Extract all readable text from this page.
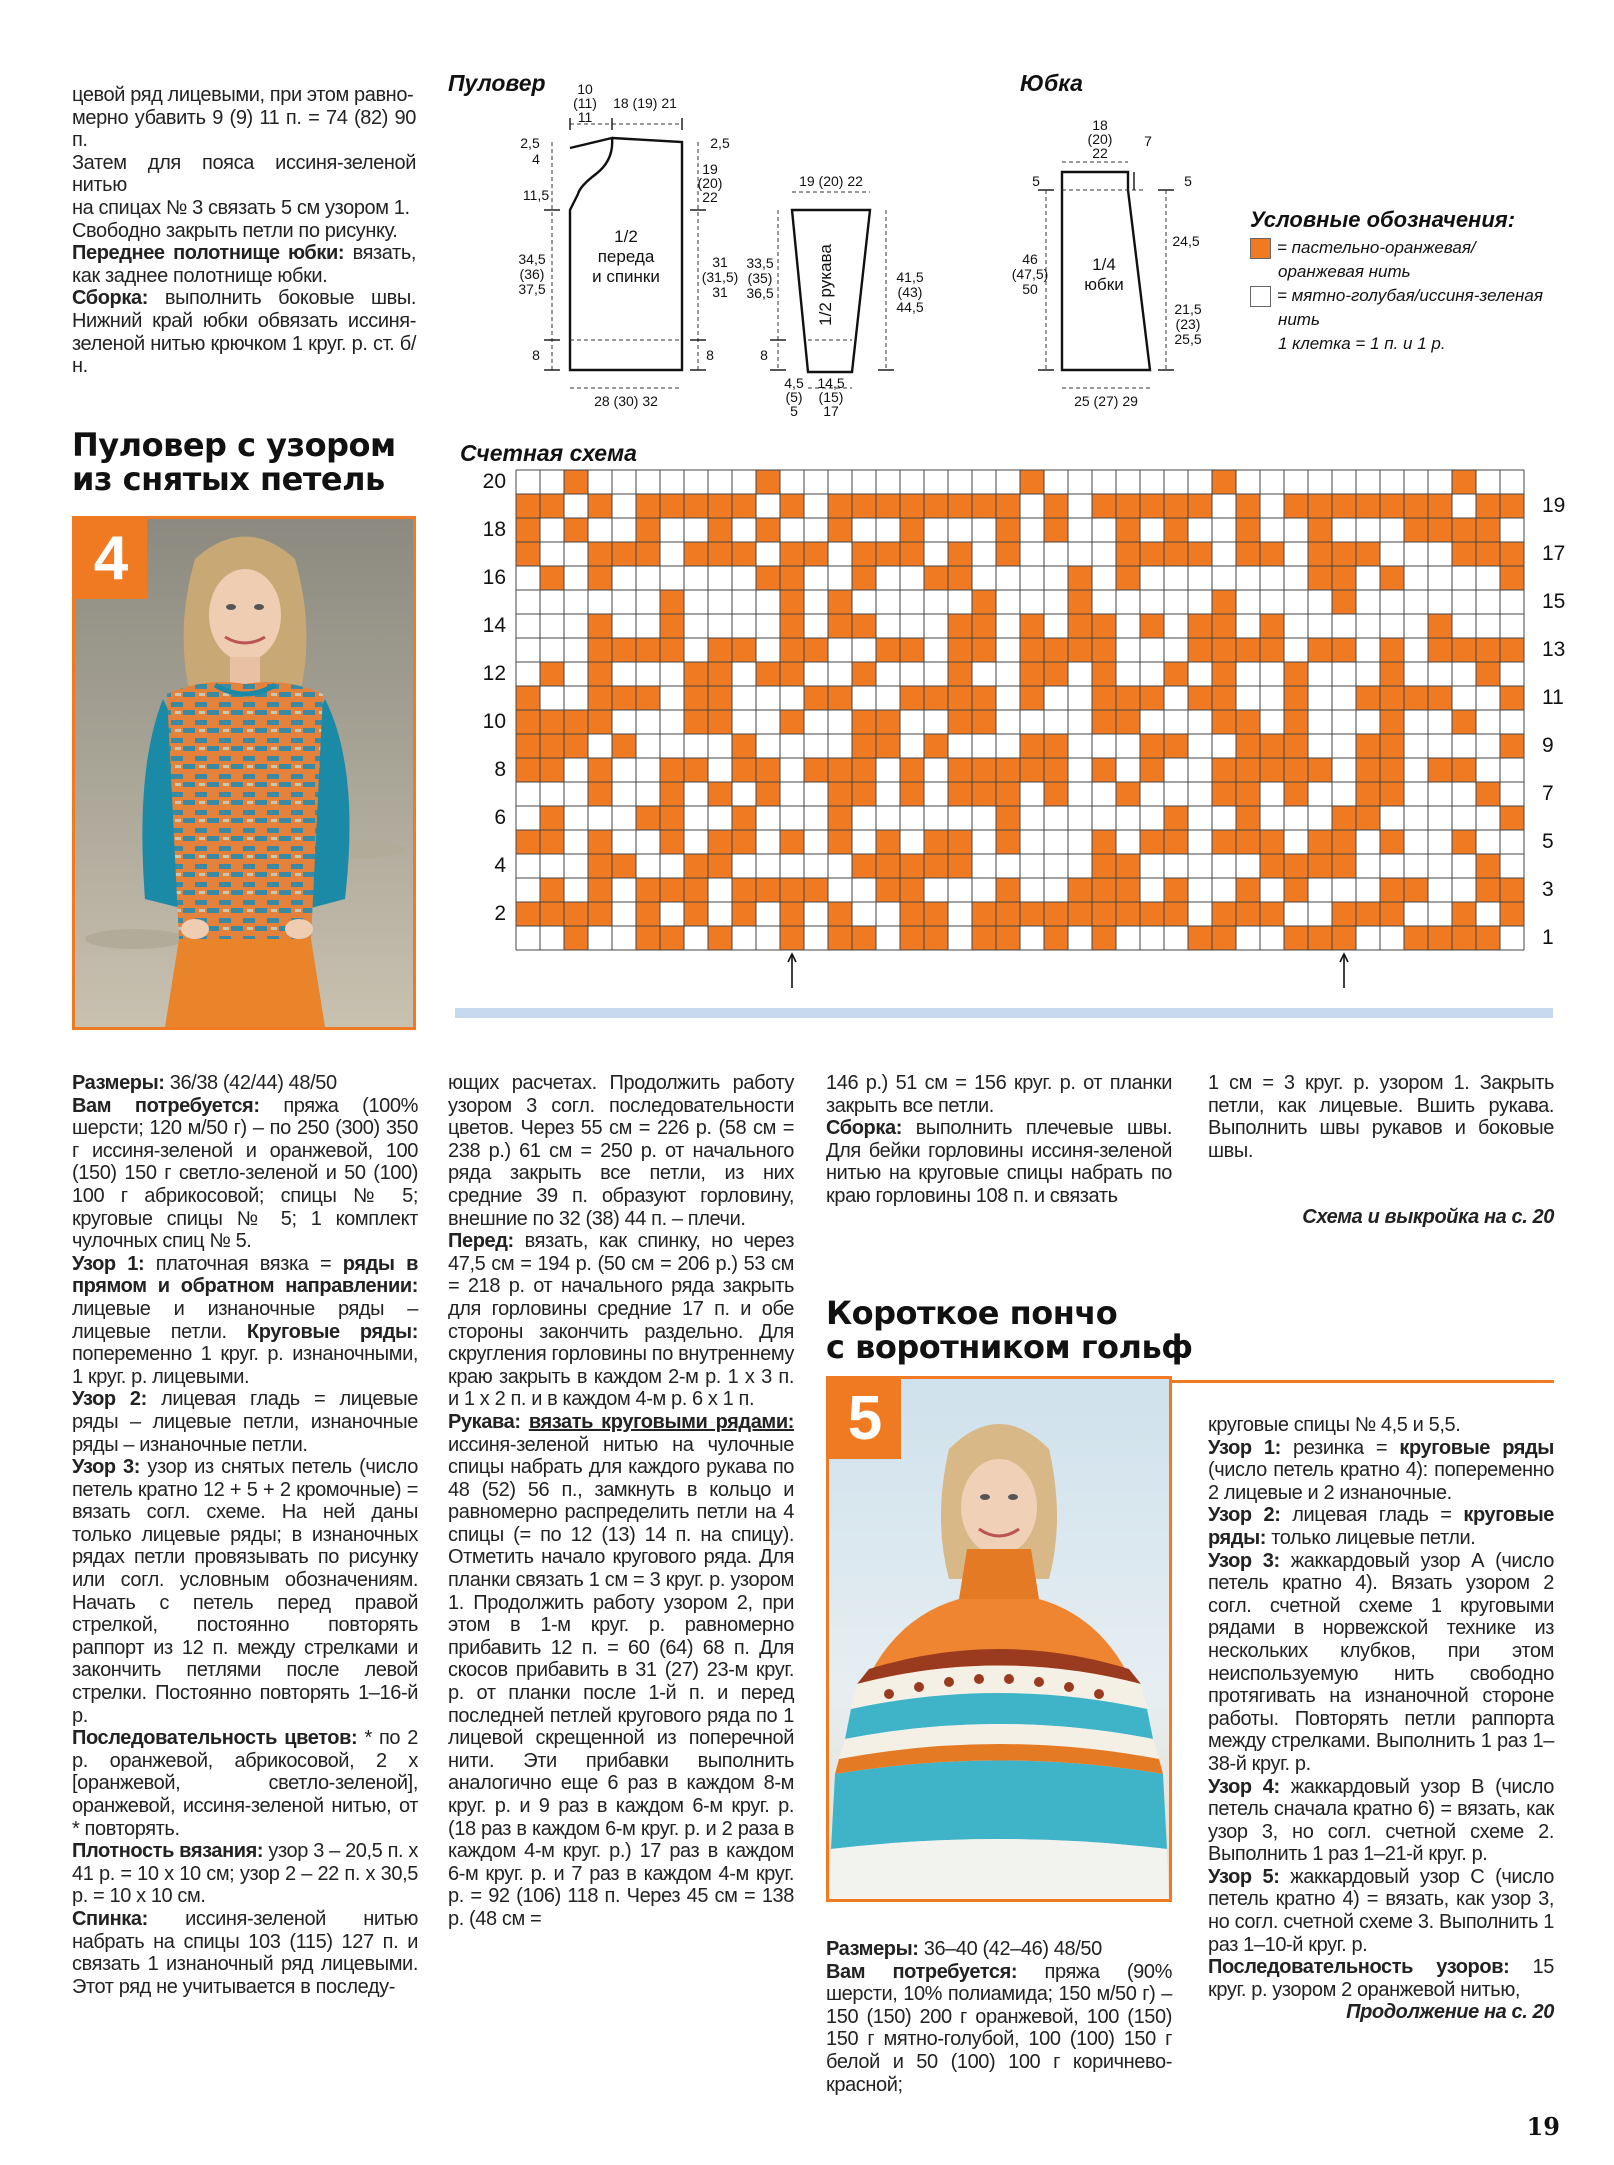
цевой ряд лицевыми, при этом равно-

мерно убавить 9 (9) 11 п. = 74 (82) 90 п.

Затем для пояса иссиня-зеленой нитью

на спицах № 3 связать 5 см узором 1.

Свободно закрыть петли по рисунку.

Переднее полотнище юбки: вязать, как заднее полотнище юбки.

Сборка: выполнить боковые швы. Нижний край юбки обвязать иссиня-зеленой нитью крючком 1 круг. р. ст. б/н.

Пуловер 10
(11)
11
18 (19) 21
2,5
4
2,5
11,5
19
(20)
22
34,5
(36)
37,5
31
(31,5)
31
8	8
28 (30) 32
19 (20) 22
33,5
(35)
36,5
41,5
(43)
44,5
8
4,5
(5)
5
14,5
(15)
17
1/2
переда
и спинки	1/2 рукава
Юбка
18
(20)
22
7
5	5
46
(47,5)
50
24,5
21,5
(23)
25,5
25 (27) 29
1/4
юбки
Условные обозначения:
= пастельно-оранжевая/
оранжевая нить
= мятно-голубая/иссиня-зеленая
нить
1 клетка = 1 п. и 1 р.
Пуловер с узором
из снятых петель
4
Счетная схема
2
4
6
8
10
12
14
16
18
20
1
3
5
7
9
11
13
15
17
19

Размеры: 36/38 (42/44) 48/50

Вам потребуется: пряжа (100% шерсти; 120 м/50 г) – по 250 (300) 350 г иссиня-зеленой и оранжевой, 100 (150) 150 г светло-зеленой и 50 (100) 100 г абрикосовой; спицы № 5; круговые спицы № 5; 1 комплект чулочных спиц № 5.

Узор 1: платочная вязка = ряды в прямом и обратном направлении: лицевые и изнаночные ряды – лицевые петли. Круговые ряды: попеременно 1 круг. р. изнаночными, 1 круг. р. лицевыми.

Узор 2: лицевая гладь = лицевые ряды – лицевые петли, изнаночные ряды – изнаночные петли.

Узор 3: узор из снятых петель (число петель кратно 12 + 5 + 2 кромочные) = вязать согл. схеме. На ней даны только лицевые ряды; в изнаночных рядах петли провязывать по рисунку или согл. условным обозначениям. Начать с петель перед правой стрелкой, постоянно повторять раппорт из 12 п. между стрелками и закончить петлями после левой стрелки. Постоянно повторять 1–16-й р.

Последовательность цветов: * по 2 р. оранжевой, абрикосовой, 2 х [оранжевой, светло-зеленой], оранжевой, иссиня-зеленой нитью, от * повторять.

Плотность вязания: узор 3 – 20,5 п. х 41 р. = 10 х 10 см; узор 2 – 22 п. х 30,5 р. = 10 х 10 см.

Спинка: иссиня-зеленой нитью набрать на спицы 103 (115) 127 п. и связать 1 изнаночный ряд лицевыми. Этот ряд не учитывается в последу-

ющих расчетах. Продолжить работу узором 3 согл. последовательности цветов. Через 55 см = 226 р. (58 см = 238 р.) 61 см = 250 р. от начального ряда закрыть все петли, из них средние 39 п. образуют горловину, внешние по 32 (38) 44 п. – плечи.

Перед: вязать, как спинку, но через 47,5 см = 194 р. (50 см = 206 р.) 53 см = 218 р. от начального ряда закрыть для горловины средние 17 п. и обе стороны закончить раздельно. Для скругления горловины по внутреннему краю закрыть в каждом 2-м р. 1 х 3 п. и 1 х 2 п. и в каждом 4-м р. 6 х 1 п.

Рукава: вязать круговыми рядами: иссиня-зеленой нитью на чулочные спицы набрать для каждого рукава по 48 (52) 56 п., замкнуть в кольцо и равномерно распределить петли на 4 спицы (= по 12 (13) 14 п. на спицу). Отметить начало кругового ряда. Для планки связать 1 см = 3 круг. р. узором 1. Продолжить работу узором 2, при этом в 1-м круг. р. равномерно прибавить 12 п. = 60 (64) 68 п. Для скосов прибавить в 31 (27) 23-м круг. р. от планки после 1-й п. и перед последней петлей кругового ряда по 1 лицевой скрещенной из поперечной нити. Эти прибавки выполнить аналогично еще 6 раз в каждом 8-м круг. р. и 9 раз в каждом 6-м круг. р. (18 раз в каждом 6-м круг. р. и 2 раза в каждом 4-м круг. р.) 17 раз в каждом 6-м круг. р. и 7 раз в каждом 4-м круг. р. = 92 (106) 118 п. Через 45 см = 138 р. (48 см =

146 р.) 51 см = 156 круг. р. от планки закрыть все петли.

Сборка: выполнить плечевые швы. Для бейки горловины иссиня-зеленой нитью на круговые спицы набрать по краю горловины 108 п. и связать

1 см = 3 круг. р. узором 1. Закрыть петли, как лицевые. Вшить рукава. Выполнить швы рукавов и боковые швы.

Схема и выкройка на с. 20

Короткое пончо
с воротником гольф
5

Размеры: 36–40 (42–46) 48/50

Вам потребуется: пряжа (90% шерсти, 10% полиамида; 150 м/50 г) – 150 (150) 200 г оранжевой, 100 (150) 150 г мятно-голубой, 100 (100) 150 г белой и 50 (100) 100 г коричнево-красной;

круговые спицы № 4,5 и 5,5.

Узор 1: резинка = круговые ряды (число петель кратно 4): попеременно 2 лицевые и 2 изнаночные.

Узор 2: лицевая гладь = круговые ряды: только лицевые петли.

Узор 3: жаккардовый узор А (число петель кратно 4). Вязать узором 2 согл. счетной схеме 1 круговыми рядами в норвежской технике из нескольких клубков, при этом неиспользуемую нить свободно протягивать на изнаночной стороне работы. Повторять петли раппорта между стрелками. Выполнить 1 раз 1–38-й круг. р.

Узор 4: жаккардовый узор В (число петель сначала кратно 6) = вязать, как узор 3, но согл. счетной схеме 2. Выполнить 1 раз 1–21-й круг. р.

Узор 5: жаккардовый узор С (число петель кратно 4) = вязать, как узор 3, но согл. счетной схеме 3. Выполнить 1 раз 1–10-й круг. р.

Последовательность узоров: 15 круг. р. узором 2 оранжевой нитью,

Продолжение на с. 20

19
